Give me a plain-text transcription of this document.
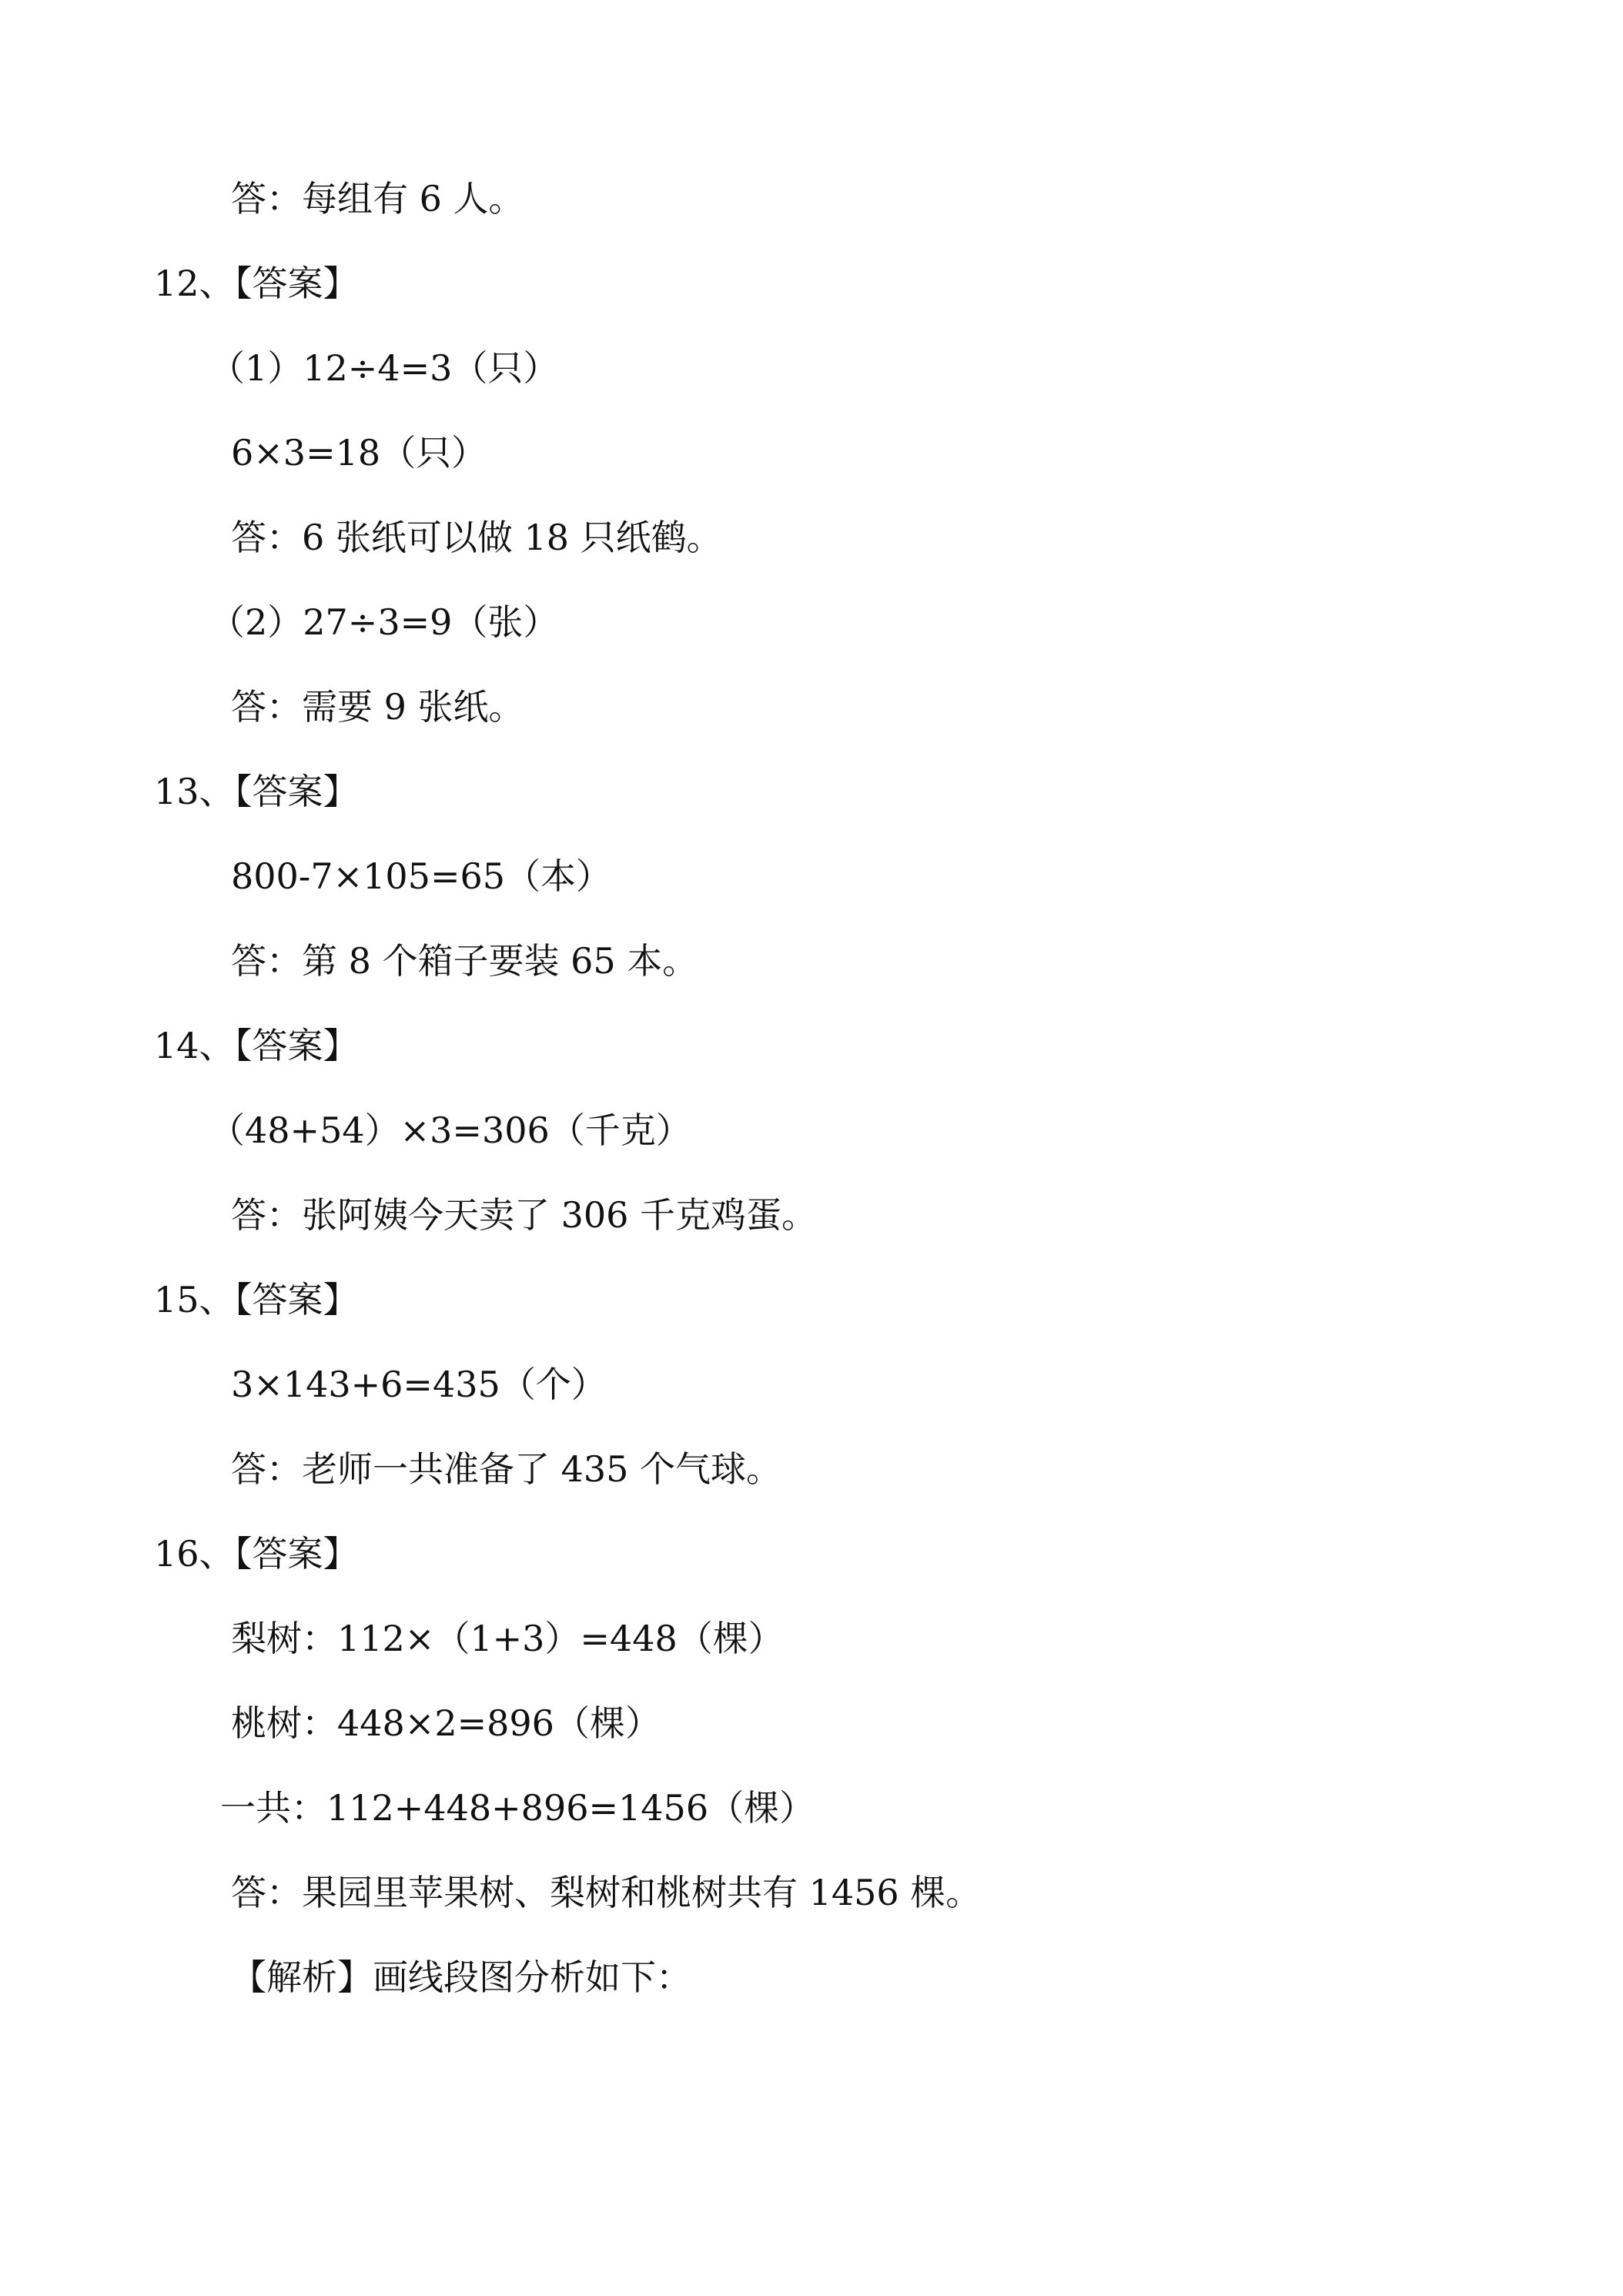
答：每组有 6 人。
12、【答案】
（1）12÷4=3（只）
6×3=18（只）
答：6 张纸可以做 18 只纸鹤。
（2）27÷3=9（张）
答：需要 9 张纸。
13、【答案】
800-7×105=65（本）
答：第 8 个箱子要装 65 本。
14、【答案】
（48+54）×3=306（千克）
答：张阿姨今天卖了 306 千克鸡蛋。
15、【答案】
3×143+6=435（个）
答：老师一共准备了 435 个气球。
16、【答案】
梨树：112×（1+3）=448（棵）
桃树：448×2=896（棵）
一共：112+448+896=1456（棵）
答：果园里苹果树、梨树和桃树共有 1456 棵。
【解析】画线段图分析如下：
